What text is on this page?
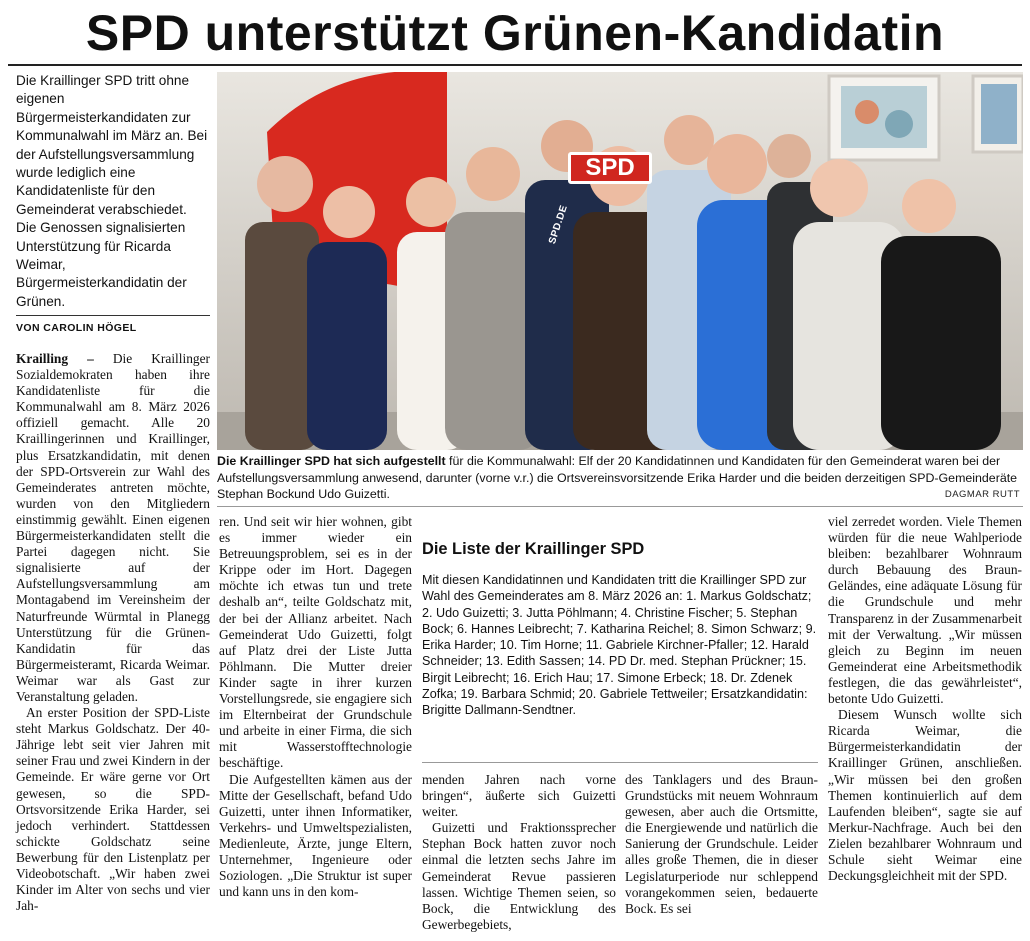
SPD unterstützt Grünen-Kandidatin
Die Kraillinger SPD tritt ohne eigenen Bürgermeisterkandidaten zur Kommunalwahl im März an. Bei der Aufstellungsversammlung wurde lediglich eine Kandidatenliste für den Gemeinderat verabschiedet. Die Genossen signalisierten Unterstützung für Ricarda Weimar, Bürgermeisterkandidatin der Grünen.
VON CAROLIN HÖGEL
SPD
SPD.DE
Die Kraillinger SPD hat sich aufgestellt für die Kommunalwahl: Elf der 20 Kandidatinnen und Kandidaten für den Gemeinderat waren bei der Aufstellungsversammlung anwesend, darunter (vorne v.r.) die Ortsvereinsvorsitzende Erika Harder und die beiden derzeitigen SPD-Gemeinderäte Stephan Bockund Udo Guizetti.	DAGMAR RUTT

Krailling – Die Kraillinger Sozialdemokraten haben ihre Kandidatenliste für die Kommunalwahl am 8. März 2026 offiziell gemacht. Alle 20 Kraillingerinnen und Kraillinger, plus Ersatzkandidatin, mit denen der SPD-Ortsverein zur Wahl des Gemeinderates antreten möchte, wurden von den Mitgliedern einstimmig gewählt. Einen eigenen Bürgermeisterkandidaten stellt die Partei dagegen nicht. Sie signalisierte auf der Aufstellungsversammlung am Montagabend im Vereinsheim der Naturfreunde Würmtal in Planegg Unterstützung für die Grünen-Kandidatin für das Bürgermeisteramt, Ricarda Weimar. Weimar war als Gast zur Veranstaltung geladen.

An erster Position der SPD-Liste steht Markus Goldschatz. Der 40-Jährige lebt seit vier Jahren mit seiner Frau und zwei Kindern in der Gemeinde. Er wäre gerne vor Ort gewesen, so die SPD-Ortsvorsitzende Erika Harder, sei jedoch verhindert. Stattdessen schickte Goldschatz seine Bewerbung für den Listenplatz per Videobotschaft. „Wir haben zwei Kinder im Alter von sechs und vier Jah-

ren. Und seit wir hier wohnen, gibt es immer wieder ein Betreuungsproblem, sei es in der Krippe oder im Hort. Dagegen möchte ich etwas tun und trete deshalb an“, teilte Goldschatz mit, der bei der Allianz arbeitet. Nach Gemeinderat Udo Guizetti, folgt auf Platz drei der Liste Jutta Pöhlmann. Die Mutter dreier Kinder sagte in ihrer kurzen Vorstellungsrede, sie engagiere sich im Elternbeirat der Grundschule und arbeite in einer Firma, die sich mit Wasserstofftechnologie beschäftige.

Die Aufgestellten kämen aus der Mitte der Gesellschaft, befand Udo Guizetti, unter ihnen Informatiker, Verkehrs- und Umweltspezialisten, Medienleute, Ärzte, junge Eltern, Unternehmer, Ingenieure oder Soziologen. „Die Struktur ist super und kann uns in den kom-

Die Liste der Kraillinger SPD
Mit diesen Kandidatinnen und Kandidaten tritt die Kraillinger SPD zur Wahl des Gemeinderates am 8. März 2026 an: 1. Markus Goldschatz; 2. Udo Guizetti; 3. Jutta Pöhlmann; 4. Christine Fischer; 5. Stephan Bock; 6. Hannes Leibrecht; 7. Katharina Reichel; 8. Simon Schwarz; 9. Erika Harder; 10. Tim Horne; 11. Gabriele Kirchner-Pfaller; 12. Harald Schneider; 13. Edith Sassen; 14. PD Dr. med. Stephan Prückner; 15. Birgit Leibrecht; 16. Erich Hau; 17. Simone Erbeck; 18. Dr. Zdenek Zofka; 19. Barbara Schmid; 20. Gabriele Tettweiler; Ersatzkandidatin: Brigitte Dallmann-Sendtner.

menden Jahren nach vorne bringen“, äußerte sich Guizetti weiter.

Guizetti und Fraktionssprecher Stephan Bock hatten zuvor noch einmal die letzten sechs Jahre im Gemeinderat Revue passieren lassen. Wichtige Themen seien, so Bock, die Entwicklung des Gewerbegebiets,

des Tanklagers und des Braun-Grundstücks mit neuem Wohnraum gewesen, aber auch die Ortsmitte, die Energiewende und natürlich die Sanierung der Grundschule. Leider alles große Themen, die in dieser Legislaturperiode nur schleppend vorangekommen seien, bedauerte Bock. Es sei

viel zerredet worden. Viele Themen würden für die neue Wahlperiode bleiben: bezahlbarer Wohnraum durch Bebauung des Braun-Geländes, eine adäquate Lösung für die Grundschule und mehr Transparenz in der Zusammenarbeit mit der Verwaltung. „Wir müssen gleich zu Beginn im neuen Gemeinderat eine Arbeitsmethodik festlegen, die das gewährleistet“, betonte Udo Guizetti.

Diesem Wunsch wollte sich Ricarda Weimar, die Bürgermeisterkandidatin der Kraillinger Grünen, anschließen. „Wir müssen bei den großen Themen kontinuierlich auf dem Laufenden bleiben“, sagte sie auf Merkur-Nachfrage. Auch bei den Zielen bezahlbarer Wohnraum und Schule sieht Weimar eine Deckungsgleichheit mit der SPD.
